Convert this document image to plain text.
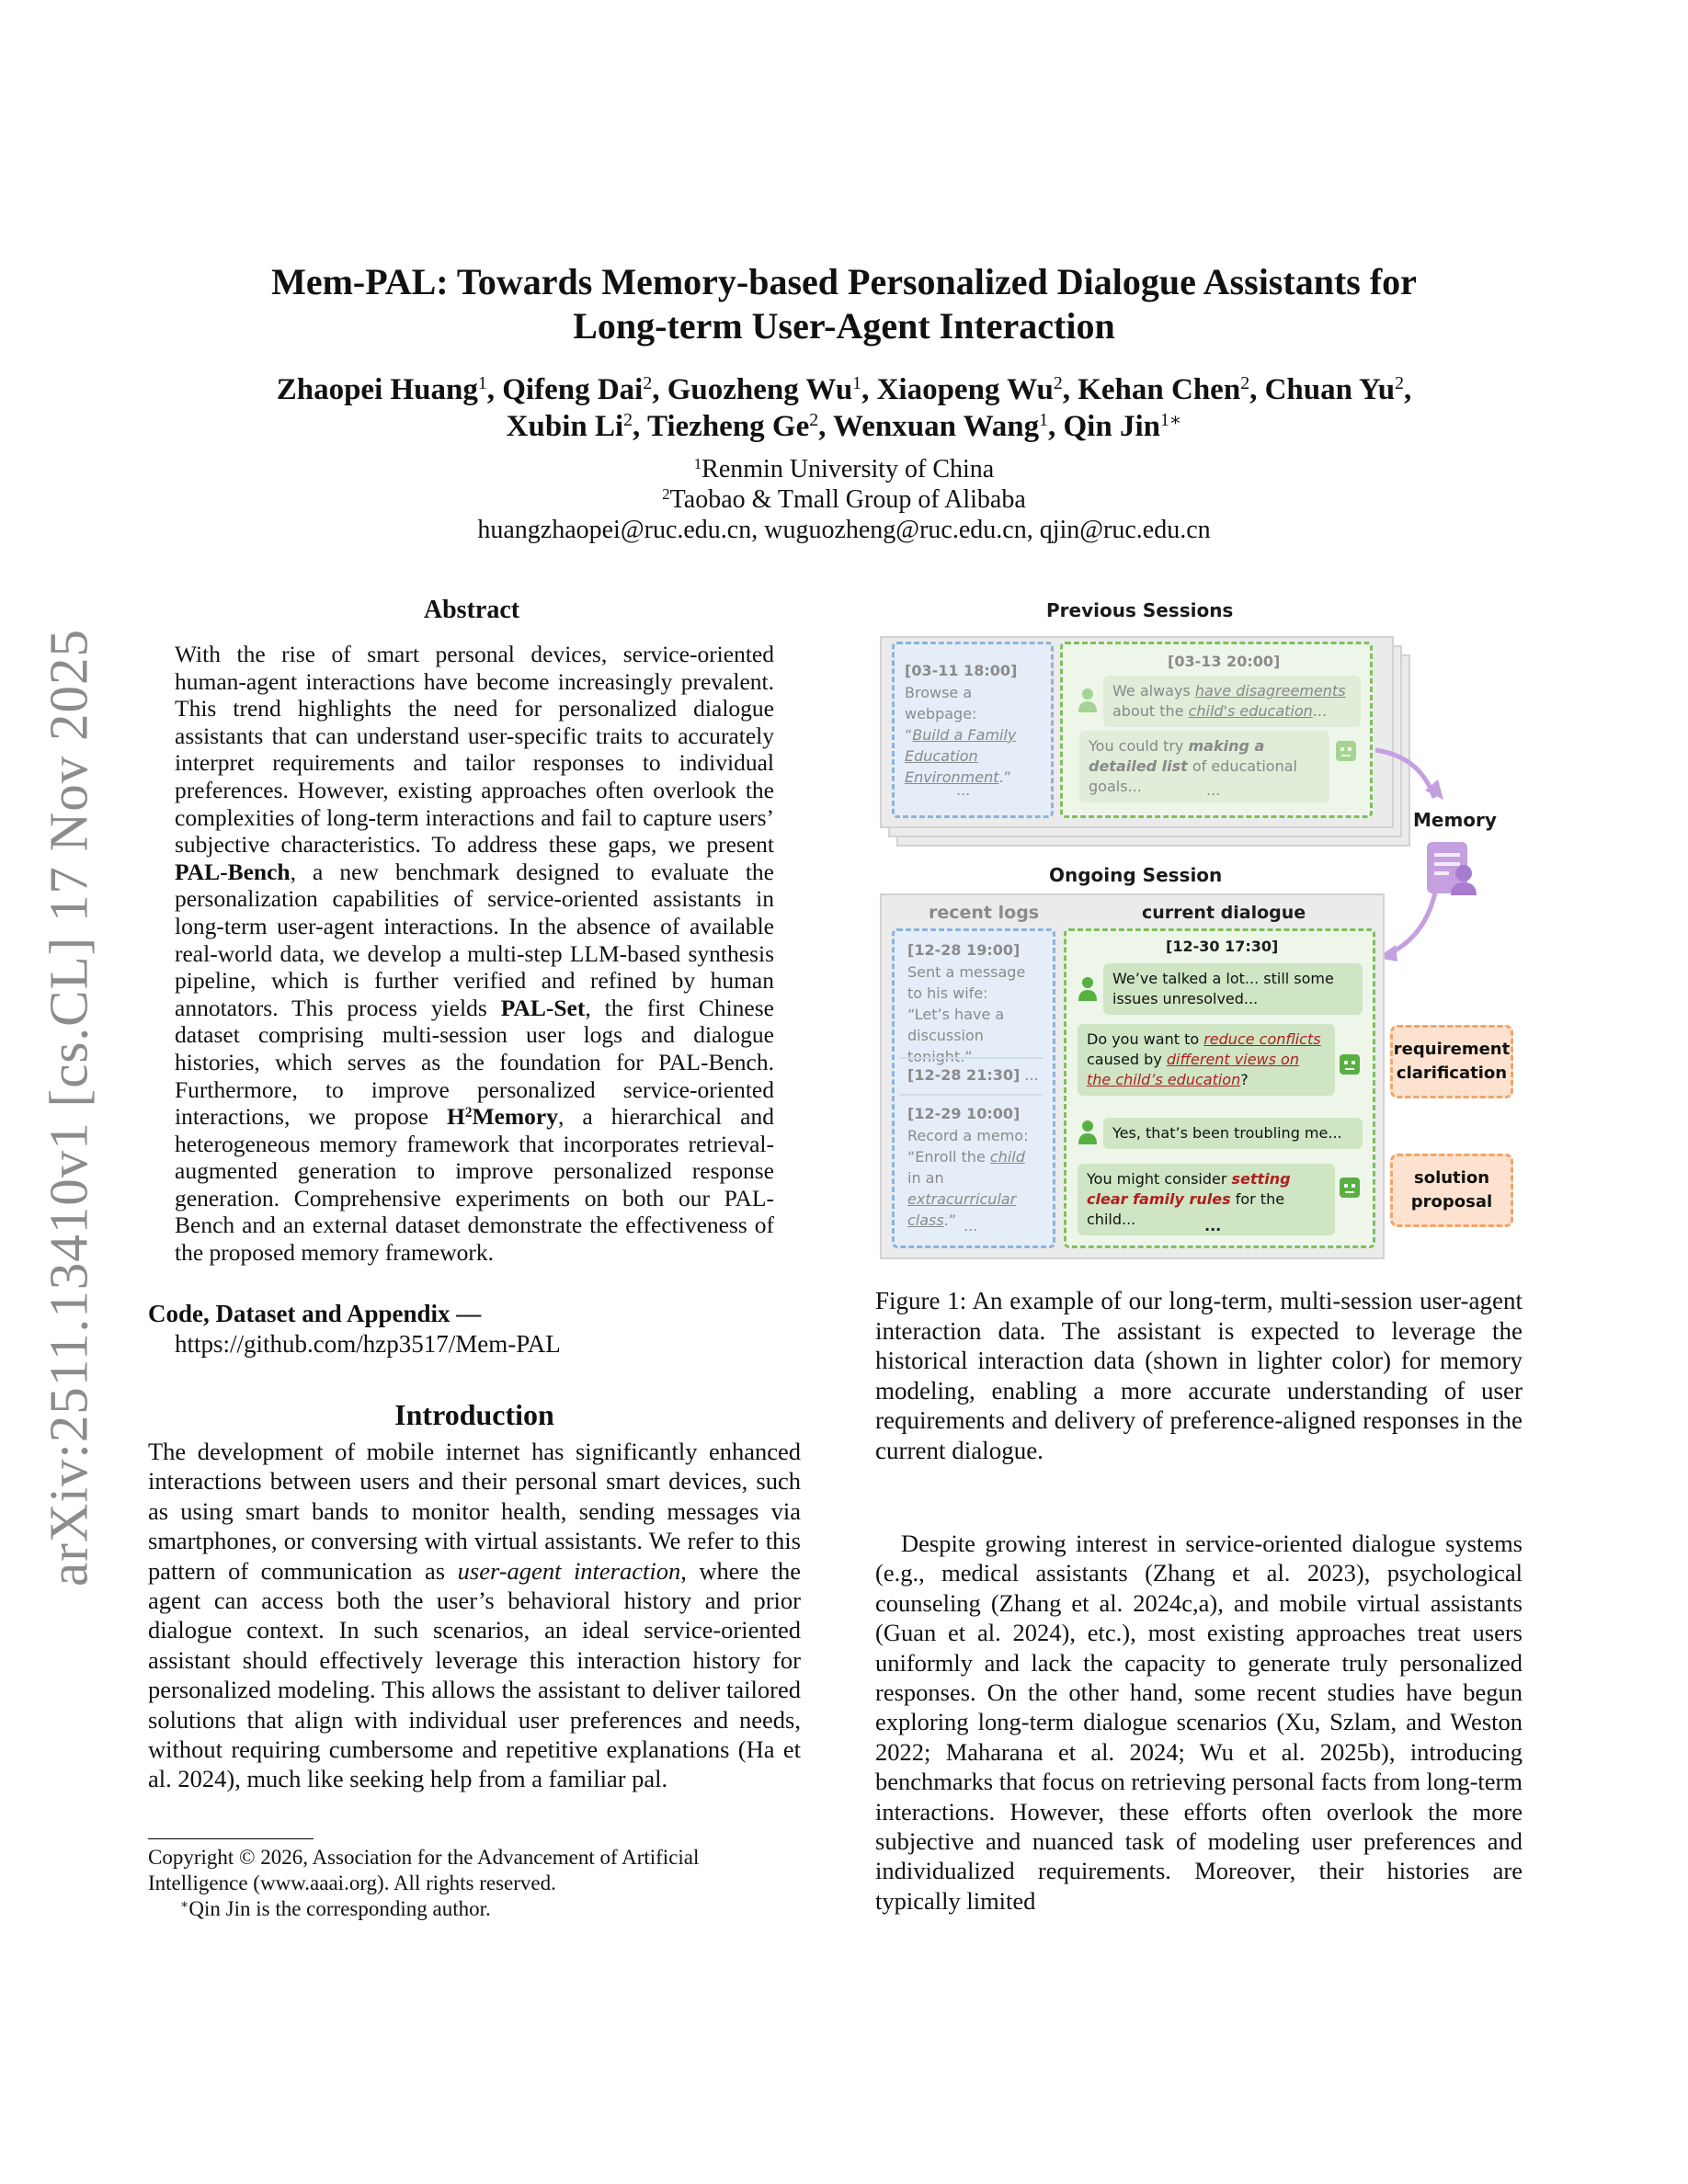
arXiv:2511.13410v1 [cs.CL] 17 Nov 2025
Mem-PAL: Towards Memory-based Personalized Dialogue Assistants for
Long-term User-Agent Interaction
Zhaopei Huang$^1$, Qifeng Dai$^2$, Guozheng Wu$^1$, Xiaopeng Wu$^2$, Kehan Chen$^2$, Chuan Yu$^2$,
Xubin Li$^2$, Tiezheng Ge$^2$, Wenxuan Wang$^1$, Qin Jin$^{1∗}$
$^1$Renmin University of China
$^2$Taobao & Tmall Group of Alibaba
huangzhaopei@ruc.edu.cn, wuguozheng@ruc.edu.cn, qjin@ruc.edu.cn
Abstract

With the rise of smart personal devices, service-oriented human-agent interactions have become increasingly prevalent. This trend highlights the need for personalized dialogue assistants that can understand user-specific traits to accurately interpret requirements and tailor responses to individual preferences. However, existing approaches often overlook the complexities of long-term interactions and fail to capture users’ subjective characteristics. To address these gaps, we present PAL-Bench, a new benchmark designed to evaluate the personalization capabilities of service-oriented assistants in long-term user-agent interactions. In the absence of available real-world data, we develop a multi-step LLM-based synthesis pipeline, which is further verified and refined by human annotators. This process yields PAL-Set, the first Chinese dataset comprising multi-session user logs and dialogue histories, which serves as the foundation for PAL-Bench. Furthermore, to improve personalized service-oriented interactions, we propose $H^2Memory$, a hierarchical and heterogeneous memory framework that incorporates retrieval-augmented generation to improve personalized response generation. Comprehensive experiments on both our PAL-Bench and an external dataset demonstrate the effectiveness of the proposed memory framework.

Code, Dataset and Appendix —
https://github.com/hzp3517/Mem-PAL
Introduction

The development of mobile internet has significantly enhanced interactions between users and their personal smart devices, such as using smart bands to monitor health, sending messages via smartphones, or conversing with virtual assistants. We refer to this pattern of communication as user-agent interaction, where the agent can access both the user’s behavioral history and prior dialogue context. In such scenarios, an ideal service-oriented assistant should effectively leverage this interaction history for personalized modeling. This allows the assistant to deliver tailored solutions that align with individual user preferences and needs, without requiring cumbersome and repetitive explanations (Ha et al. 2024), much like seeking help from a familiar pal.

Copyright © 2026, Association for the Advancement of Artificial Intelligence (www.aaai.org). All rights reserved.
∗Qin Jin is the corresponding author.
Previous Sessions
[03-11 18:00]
Browse a webpage:
“Build a Family Education Environment.”
...
[03-13 20:00]
We always have disagreements about the child's education...
You could try making a detailed list of educational goals...	...
Memory
Ongoing Session
recent logs	current dialogue
[12-28 19:00]
Sent a message to his wife: “Let’s have a discussion
[12-28 21:30] ...
[12-29 10:00]
Record a memo: “Enroll the child in an extracurricular class.” ...
[12-30 17:30]
We’ve talked a lot... still some issues unresolved...
Do you want to reduce conflicts caused by different views on the child’s education?
Yes, that’s been troubling me...
You might consider setting clear family rules for the child...	...
requirement clarification
solution proposal
Figure 1: An example of our long-term, multi-session user-agent interaction data. The assistant is expected to leverage the historical interaction data (shown in lighter color) for memory modeling, enabling a more accurate understanding of user requirements and delivery of preference-aligned responses in the current dialogue.
Despite growing interest in service-oriented dialogue systems (e.g., medical assistants (Zhang et al. 2023), psychological counseling (Zhang et al. 2024c,a), and mobile virtual assistants (Guan et al. 2024), etc.), most existing approaches treat users uniformly and lack the capacity to generate truly personalized responses. On the other hand, some recent studies have begun exploring long-term dialogue scenarios (Xu, Szlam, and Weston 2022; Maharana et al. 2024; Wu et al. 2025b), introducing benchmarks that focus on retrieving personal facts from long-term interactions. However, these efforts often overlook the more subjective and nuanced task of modeling user preferences and individualized requirements. Moreover, their histories are typically limited
